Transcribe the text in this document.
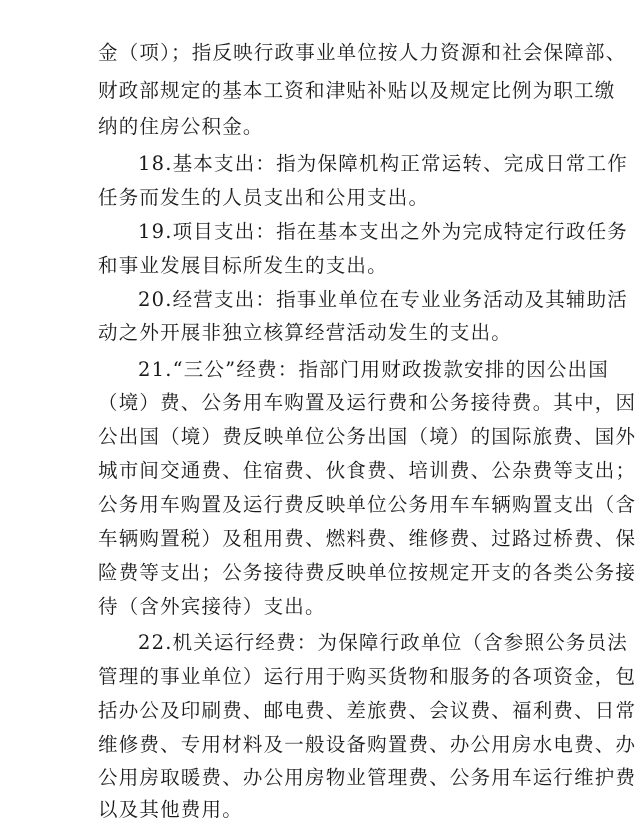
金（项）；指反映行政事业单位按人力资源和社会保障部、
财政部规定的基本工资和津贴补贴以及规定比例为职工缴
纳的住房公积金。
18.基本支出：指为保障机构正常运转、完成日常工作
任务而发生的人员支出和公用支出。
19.项目支出：指在基本支出之外为完成特定行政任务
和事业发展目标所发生的支出。
20.经营支出：指事业单位在专业业务活动及其辅助活
动之外开展非独立核算经营活动发生的支出。
21.“三公”经费：指部门用财政拨款安排的因公出国
（境）费、公务用车购置及运行费和公务接待费。其中，因
公出国（境）费反映单位公务出国（境）的国际旅费、国外
城市间交通费、住宿费、伙食费、培训费、公杂费等支出；
公务用车购置及运行费反映单位公务用车车辆购置支出（含
车辆购置税）及租用费、燃料费、维修费、过路过桥费、保
险费等支出；公务接待费反映单位按规定开支的各类公务接
待（含外宾接待）支出。
22.机关运行经费：为保障行政单位（含参照公务员法
管理的事业单位）运行用于购买货物和服务的各项资金，包
括办公及印刷费、邮电费、差旅费、会议费、福利费、日常
维修费、专用材料及一般设备购置费、办公用房水电费、办
公用房取暖费、办公用房物业管理费、公务用车运行维护费
以及其他费用。
